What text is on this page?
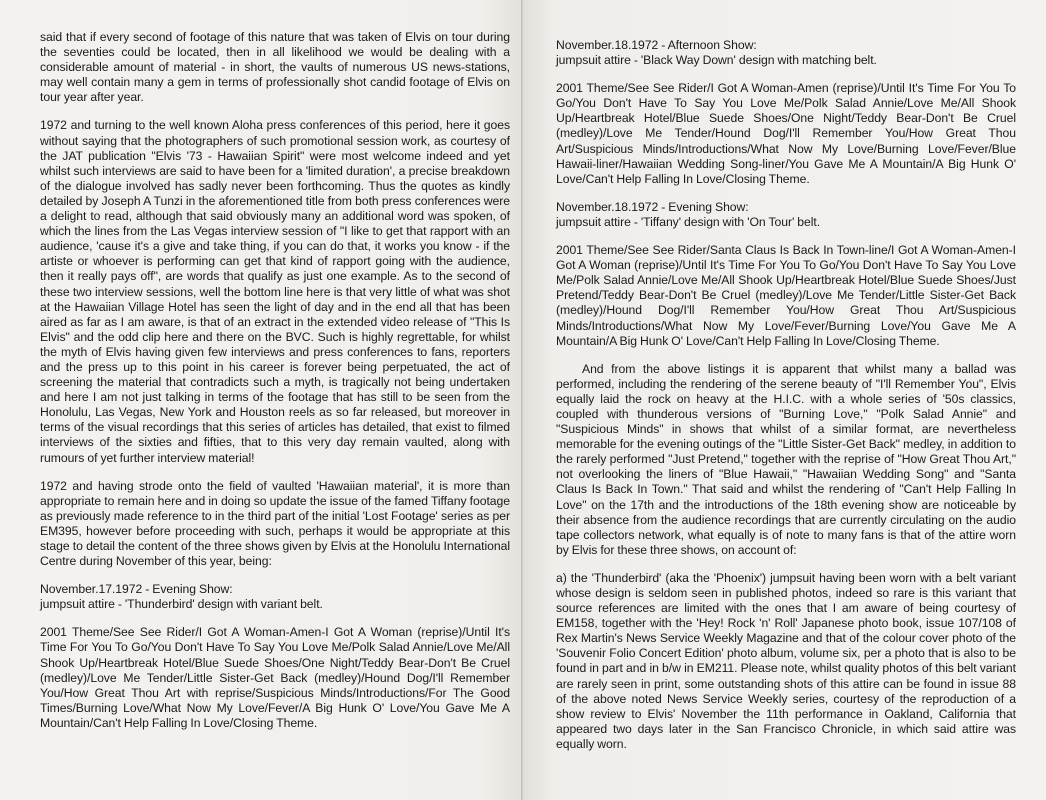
said that if every second of footage of this nature that was taken of Elvis on tour during the seventies could be located, then in all likelihood we would be dealing with a considerable amount of material - in short, the vaults of numerous US news-stations, may well contain many a gem in terms of professionally shot candid footage of Elvis on tour year after year.

1972 and turning to the well known Aloha press conferences of this period, here it goes without saying that the photographers of such promotional session work, as courtesy of the JAT publication "Elvis '73 - Hawaiian Spirit" were most welcome indeed and yet whilst such interviews are said to have been for a 'limited duration', a precise breakdown of the dialogue involved has sadly never been forthcoming. Thus the quotes as kindly detailed by Joseph A Tunzi in the aforementioned title from both press conferences were a delight to read, although that said obviously many an additional word was spoken, of which the lines from the Las Vegas interview session of "I like to get that rapport with an audience, 'cause it's a give and take thing, if you can do that, it works you know - if the artiste or whoever is performing can get that kind of rapport going with the audience, then it really pays off", are words that qualify as just one example. As to the second of these two interview sessions, well the bottom line here is that very little of what was shot at the Hawaiian Village Hotel has seen the light of day and in the end all that has been aired as far as I am aware, is that of an extract in the extended video release of "This Is Elvis" and the odd clip here and there on the BVC. Such is highly regrettable, for whilst the myth of Elvis having given few interviews and press conferences to fans, reporters and the press up to this point in his career is forever being perpetuated, the act of screening the material that contradicts such a myth, is tragically not being undertaken and here I am not just talking in terms of the footage that has still to be seen from the Honolulu, Las Vegas, New York and Houston reels as so far released, but moreover in terms of the visual recordings that this series of articles has detailed, that exist to filmed interviews of the sixties and fifties, that to this very day remain vaulted, along with rumours of yet further interview material!

1972 and having strode onto the field of vaulted 'Hawaiian material', it is more than appropriate to remain here and in doing so update the issue of the famed Tiffany footage as previously made reference to in the third part of the initial 'Lost Footage' series as per EM395, however before proceeding with such, perhaps it would be appropriate at this stage to detail the content of the three shows given by Elvis at the Honolulu International Centre during November of this year, being:

November.17.1972 - Evening Show:
jumpsuit attire - 'Thunderbird' design with variant belt.

2001 Theme/See See Rider/I Got A Woman-Amen-I Got A Woman (reprise)/Until It's Time For You To Go/You Don't Have To Say You Love Me/Polk Salad Annie/Love Me/All Shook Up/Heartbreak Hotel/Blue Suede Shoes/One Night/Teddy Bear-Don't Be Cruel (medley)/Love Me Tender/Little Sister-Get Back (medley)/Hound Dog/I'll Remember You/How Great Thou Art with reprise/Suspicious Minds/Introductions/For The Good Times/Burning Love/What Now My Love/Fever/A Big Hunk O' Love/You Gave Me A Mountain/Can't Help Falling In Love/Closing Theme.

November.18.1972 - Afternoon Show:
jumpsuit attire - 'Black Way Down' design with matching belt.

2001 Theme/See See Rider/I Got A Woman-Amen (reprise)/Until It's Time For You To Go/You Don't Have To Say You Love Me/Polk Salad Annie/Love Me/All Shook Up/Heartbreak Hotel/Blue Suede Shoes/One Night/Teddy Bear-Don't Be Cruel (medley)/Love Me Tender/Hound Dog/I'll Remember You/How Great Thou Art/Suspicious Minds/Introductions/What Now My Love/Burning Love/Fever/Blue Hawaii-liner/Hawaiian Wedding Song-liner/You Gave Me A Mountain/A Big Hunk O' Love/Can't Help Falling In Love/Closing Theme.

November.18.1972 - Evening Show:
jumpsuit attire - 'Tiffany' design with 'On Tour' belt.

2001 Theme/See See Rider/Santa Claus Is Back In Town-line/I Got A Woman-Amen-I Got A Woman (reprise)/Until It's Time For You To Go/You Don't Have To Say You Love Me/Polk Salad Annie/Love Me/All Shook Up/Heartbreak Hotel/Blue Suede Shoes/Just Pretend/Teddy Bear-Don't Be Cruel (medley)/Love Me Tender/Little Sister-Get Back (medley)/Hound Dog/I'll Remember You/How Great Thou Art/Suspicious Minds/Introductions/What Now My Love/Fever/Burning Love/You Gave Me A Mountain/A Big Hunk O' Love/Can't Help Falling In Love/Closing Theme.

And from the above listings it is apparent that whilst many a ballad was performed, including the rendering of the serene beauty of "I'll Remember You", Elvis equally laid the rock on heavy at the H.I.C. with a whole series of '50s classics, coupled with thunderous versions of "Burning Love," "Polk Salad Annie" and "Suspicious Minds" in shows that whilst of a similar format, are nevertheless memorable for the evening outings of the "Little Sister-Get Back" medley, in addition to the rarely performed "Just Pretend," together with the reprise of "How Great Thou Art," not overlooking the liners of "Blue Hawaii," "Hawaiian Wedding Song" and "Santa Claus Is Back In Town." That said and whilst the rendering of "Can't Help Falling In Love" on the 17th and the introductions of the 18th evening show are noticeable by their absence from the audience recordings that are currently circulating on the audio tape collectors network, what equally is of note to many fans is that of the attire worn by Elvis for these three shows, on account of:

a) the 'Thunderbird' (aka the 'Phoenix') jumpsuit having been worn with a belt variant whose design is seldom seen in published photos, indeed so rare is this variant that source references are limited with the ones that I am aware of being courtesy of EM158, together with the 'Hey! Rock 'n' Roll' Japanese photo book, issue 107/108 of Rex Martin's News Service Weekly Magazine and that of the colour cover photo of the 'Souvenir Folio Concert Edition' photo album, volume six, per a photo that is also to be found in part and in b/w in EM211. Please note, whilst quality photos of this belt variant are rarely seen in print, some outstanding shots of this attire can be found in issue 88 of the above noted News Service Weekly series, courtesy of the reproduction of a show review to Elvis' November the 11th performance in Oakland, California that appeared two days later in the San Francisco Chronicle, in which said attire was equally worn.
